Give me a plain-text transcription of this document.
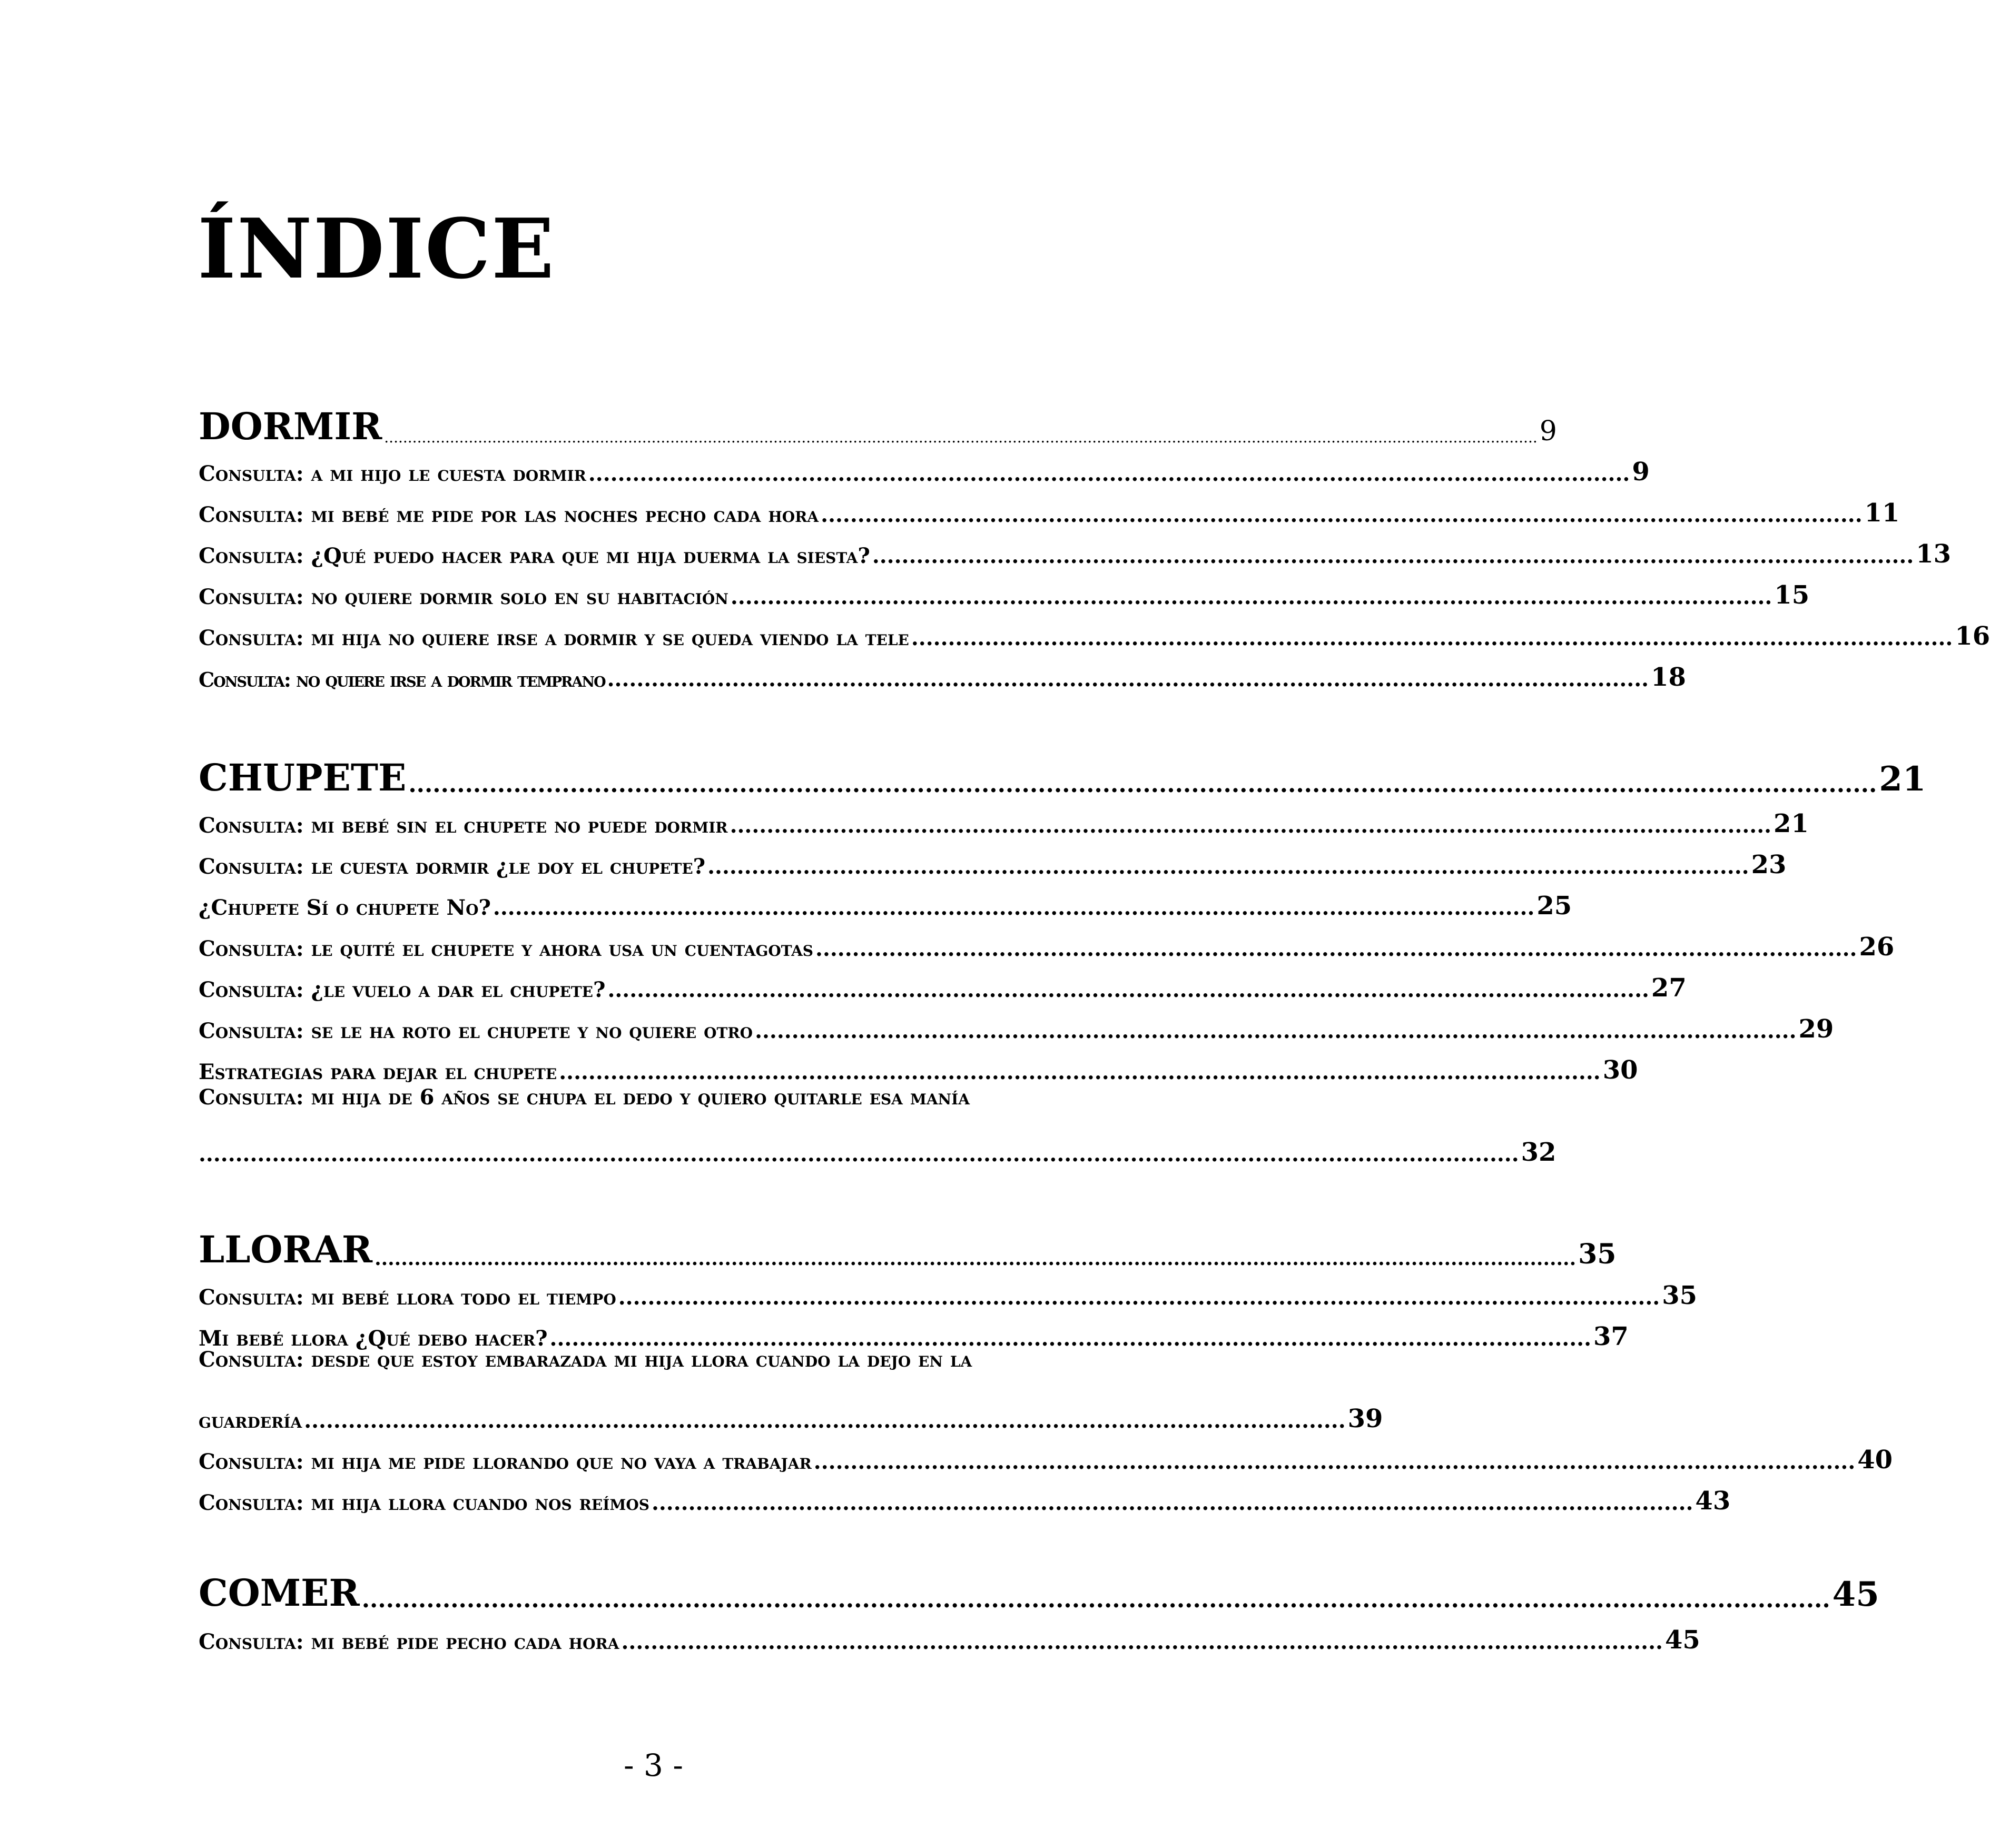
ÍNDICE
DORMIR ...................................................................................................................................................................................................................................................... 9
Consulta: a mi hijo le cuesta dormir .............................................................................................................................................. 9
Consulta: mi bebé me pide por las noches pecho cada hora .............................................................................................................................................. 11
Consulta: ¿Qué puedo hacer para que mi hija duerma la siesta? .............................................................................................................................................. 13
Consulta: no quiere dormir solo en su habitación .............................................................................................................................................. 15
Consulta: mi hija no quiere irse a dormir y se queda viendo la tele .............................................................................................................................................. 16
Consulta: no quiere irse a dormir temprano .............................................................................................................................................. 18
CHUPETE ...................................................................................................................................................................................... 21
Consulta: mi bebé sin el chupete no puede dormir .............................................................................................................................................. 21
Consulta: le cuesta dormir ¿le doy el chupete? .............................................................................................................................................. 23
¿Chupete Sí o chupete No? .............................................................................................................................................. 25
Consulta: le quité el chupete y ahora usa un cuentagotas .............................................................................................................................................. 26
Consulta: ¿le vuelo a dar el chupete? .............................................................................................................................................. 27
Consulta: se le ha roto el chupete y no quiere otro .............................................................................................................................................. 29
Estrategias para dejar el chupete .............................................................................................................................................. 30
Consulta: mi hija de 6 años se chupa el dedo y quiero quitarle esa manía
.................................................................................................................................................................................... 32
LLORAR ...................................................................................................................................................................................... 35
Consulta: mi bebé llora todo el tiempo .............................................................................................................................................. 35
Mi bebé llora ¿Qué debo hacer? .............................................................................................................................................. 37
Consulta: desde que estoy embarazada mi hija llora cuando la dejo en la
guardería .............................................................................................................................................. 39
Consulta: mi hija me pide llorando que no vaya a trabajar .............................................................................................................................................. 40
Consulta: mi hija llora cuando nos reímos .............................................................................................................................................. 43
COMER ...................................................................................................................................................................................... 45
Consulta: mi bebé pide pecho cada hora .............................................................................................................................................. 45
- 3 -
